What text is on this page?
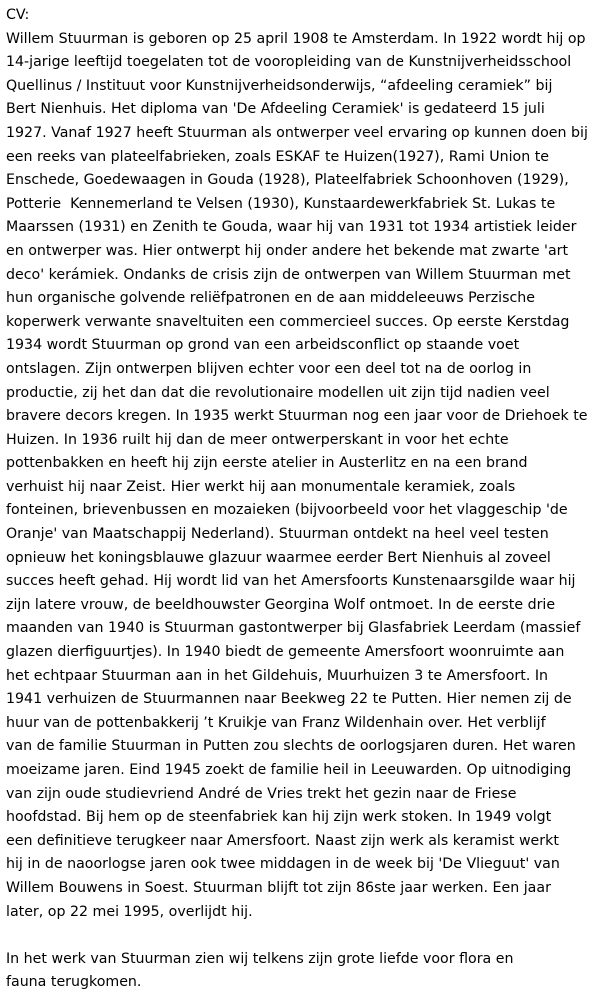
CV:
Willem Stuurman is geboren op 25 april 1908 te Amsterdam. In 1922 wordt hij op
14-jarige leeftijd toegelaten tot de vooropleiding van de Kunstnijverheidsschool
Quellinus / Instituut voor Kunstnijverheidsonderwijs, “afdeeling ceramiek” bij
Bert Nienhuis. Het diploma van 'De Afdeeling Ceramiek' is gedateerd 15 juli
1927. Vanaf 1927 heeft Stuurman als ontwerper veel ervaring op kunnen doen bij
een reeks van plateelfabrieken, zoals ESKAF te Huizen(1927), Rami Union te
Enschede, Goedewaagen in Gouda (1928), Plateelfabriek Schoonhoven (1929),
Potterie  Kennemerland te Velsen (1930), Kunstaardewerkfabriek St. Lukas te
Maarssen (1931) en Zenith te Gouda, waar hij van 1931 tot 1934 artistiek leider
en ontwerper was. Hier ontwerpt hij onder andere het bekende mat zwarte 'art
deco' kerámiek. Ondanks de crisis zijn de ontwerpen van Willem Stuurman met
hun organische golvende reliëfpatronen en de aan middeleeuws Perzische
koperwerk verwante snaveltuiten een commercieel succes. Op eerste Kerstdag
1934 wordt Stuurman op grond van een arbeidsconflict op staande voet
ontslagen. Zijn ontwerpen blijven echter voor een deel tot na de oorlog in
productie, zij het dan dat die revolutionaire modellen uit zijn tijd nadien veel
bravere decors kregen. In 1935 werkt Stuurman nog een jaar voor de Driehoek te
Huizen. In 1936 ruilt hij dan de meer ontwerperskant in voor het echte
pottenbakken en heeft hij zijn eerste atelier in Austerlitz en na een brand
verhuist hij naar Zeist. Hier werkt hij aan monumentale keramiek, zoals
fonteinen, brievenbussen en mozaieken (bijvoorbeeld voor het vlaggeschip 'de
Oranje' van Maatschappij Nederland). Stuurman ontdekt na heel veel testen
opnieuw het koningsblauwe glazuur waarmee eerder Bert Nienhuis al zoveel
succes heeft gehad. Hij wordt lid van het Amersfoorts Kunstenaarsgilde waar hij
zijn latere vrouw, de beeldhouwster Georgina Wolf ontmoet. In de eerste drie
maanden van 1940 is Stuurman gastontwerper bij Glasfabriek Leerdam (massief
glazen dierfiguurtjes). In 1940 biedt de gemeente Amersfoort woonruimte aan
het echtpaar Stuurman aan in het Gildehuis, Muurhuizen 3 te Amersfoort. In
1941 verhuizen de Stuurmannen naar Beekweg 22 te Putten. Hier nemen zij de
huur van de pottenbakkerij ’t Kruikje van Franz Wildenhain over. Het verblijf
van de familie Stuurman in Putten zou slechts de oorlogsjaren duren. Het waren
moeizame jaren. Eind 1945 zoekt de familie heil in Leeuwarden. Op uitnodiging
van zijn oude studievriend André de Vries trekt het gezin naar de Friese
hoofdstad. Bij hem op de steenfabriek kan hij zijn werk stoken. In 1949 volgt
een definitieve terugkeer naar Amersfoort. Naast zijn werk als keramist werkt
hij in de naoorlogse jaren ook twee middagen in de week bij 'De Vlieguut' van
Willem Bouwens in Soest. Stuurman blijft tot zijn 86ste jaar werken. Een jaar
later, op 22 mei 1995, overlijdt hij.
In het werk van Stuurman zien wij telkens zijn grote liefde voor flora en
fauna terugkomen.
